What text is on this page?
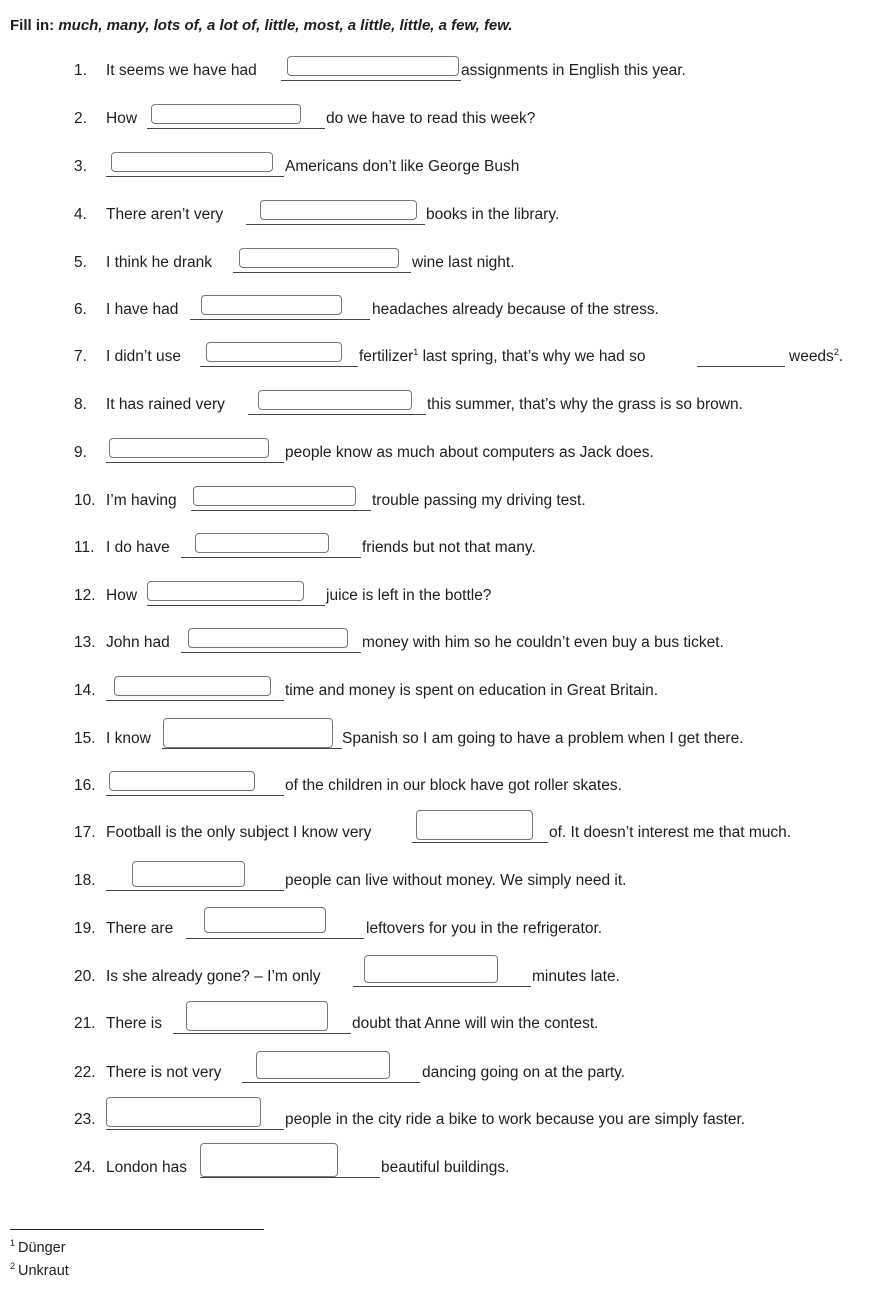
Fill in: much, many, lots of, a lot of, little, most, a little, little, a few, few.
1. It seems we have had	assignments in English this year.
2. How	do we have to read this week?
3.	Americans don’t like George Bush
4. There aren’t very	books in the library.
5. I think he drank	wine last night.
6. I have had	headaches already because of the stress.
7. I didn’t use	fertilizer$^1$ last spring, that’s why we had so	weeds$^2$.
8. It has rained very	this summer, that’s why the grass is so brown.
9.	people know as much about computers as Jack does.
10. I’m having	trouble passing my driving test.
11. I do have	friends but not that many.
12. How	juice is left in the bottle?
13. John had	money with him so he couldn’t even buy a bus ticket.
14.	time and money is spent on education in Great Britain.
15. I know	Spanish so I am going to have a problem when I get there.
16.	of the children in our block have got roller skates.
17. Football is the only subject I know very	of. It doesn’t interest me that much.
18.	people can live without money. We simply need it.
19. There are	leftovers for you in the refrigerator.
20. Is she already gone? – I’m only	minutes late.
21. There is	doubt that Anne will win the contest.
22. There is not very	dancing going on at the party.
23.	people in the city ride a bike to work because you are simply faster.
24. London has	beautiful buildings.
$^1$ Dünger
$^2$ Unkraut
